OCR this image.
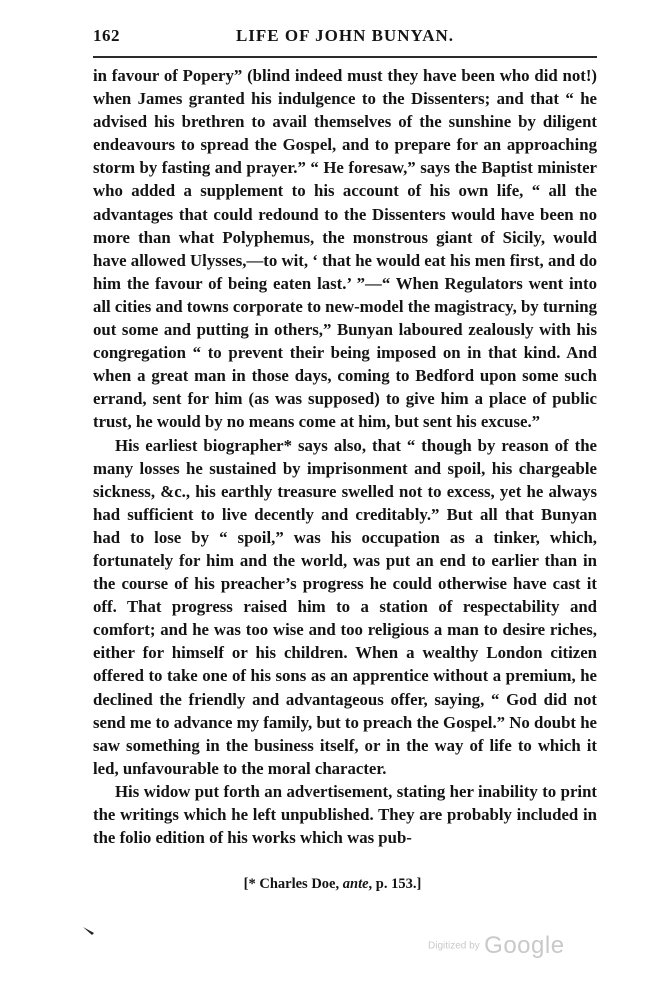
162	LIFE OF JOHN BUNYAN.

in favour of Popery” (blind indeed must they have been who did not!) when James granted his indulgence to the Dissenters; and that “ he advised his brethren to avail themselves of the sunshine by diligent endeavours to spread the Gospel, and to prepare for an approaching storm by fasting and prayer.” “ He foresaw,” says the Baptist minister who added a supplement to his account of his own life, “ all the advantages that could redound to the Dissenters would have been no more than what Polyphemus, the monstrous giant of Sicily, would have allowed Ulysses,—to wit, ‘ that he would eat his men first, and do him the favour of being eaten last.’ ”—“ When Regulators went into all cities and towns corporate to new-model the magistracy, by turning out some and putting in others,” Bunyan laboured zealously with his congregation “ to prevent their being imposed on in that kind. And when a great man in those days, coming to Bedford upon some such errand, sent for him (as was supposed) to give him a place of public trust, he would by no means come at him, but sent his excuse.”

His earliest biographer* says also, that “ though by reason of the many losses he sustained by imprisonment and spoil, his chargeable sickness, &c., his earthly treasure swelled not to excess, yet he always had sufficient to live decently and creditably.” But all that Bunyan had to lose by “ spoil,” was his occupation as a tinker, which, fortunately for him and the world, was put an end to earlier than in the course of his preacher’s progress he could otherwise have cast it off. That progress raised him to a station of respectability and comfort; and he was too wise and too religious a man to desire riches, either for himself or his children. When a wealthy London citizen offered to take one of his sons as an apprentice without a premium, he declined the friendly and advantageous offer, saying, “ God did not send me to advance my family, but to preach the Gospel.” No doubt he saw something in the business itself, or in the way of life to which it led, unfavourable to the moral character.

His widow put forth an advertisement, stating her inability to print the writings which he left unpublished. They are probably included in the folio edition of his works which was pub-

[* Charles Doe, ante, p. 153.]
Digitized by Google
